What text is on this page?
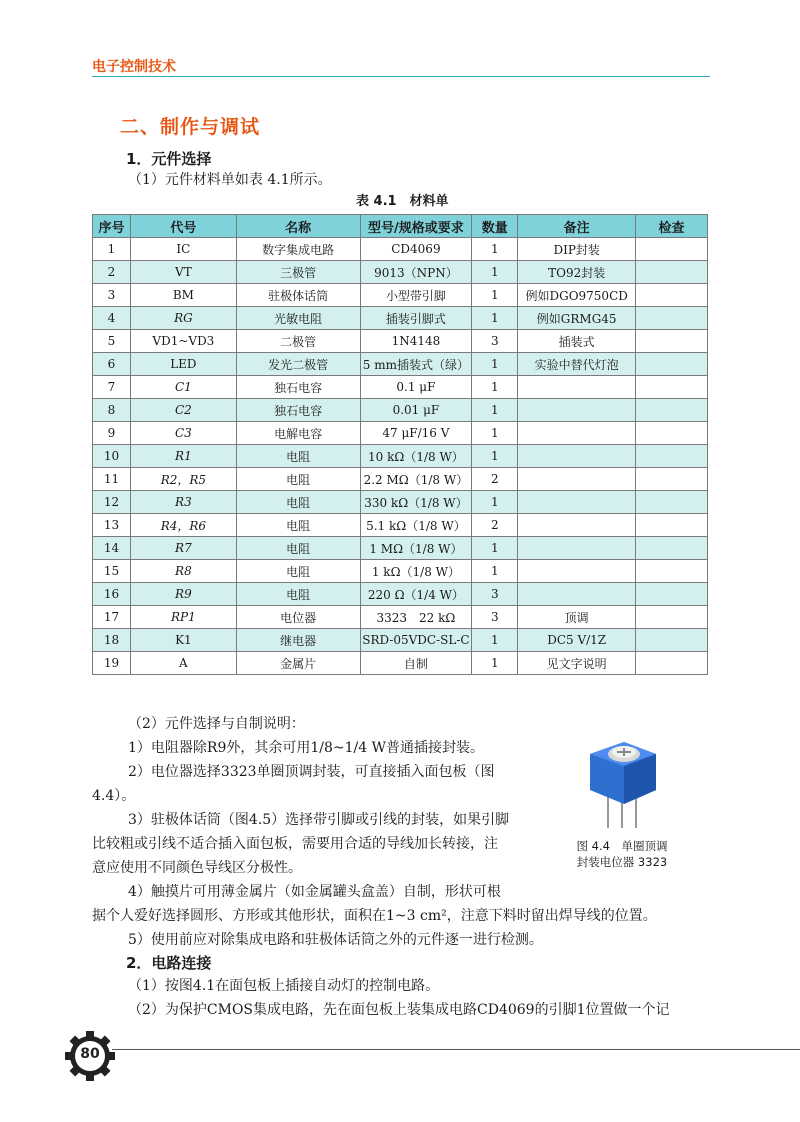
电子控制技术
二、制作与调试
1．元件选择
（1）元件材料单如表 4.1所示。
表 4.1　材料单
序号	代号	名称	型号/规格或要求	数量	备注	检查
1	IC	数字集成电路	CD4069	1	DIP封装	
2	VT	三极管	9013（NPN）	1	TO92封装	
3	BM	驻极体话筒	小型带引脚	1	例如DGO9750CD	
4	RG	光敏电阻	插装引脚式	1	例如GRMG45	
5	VD1~VD3	二极管	1N4148	3	插装式	
6	LED	发光二极管	5 mm插装式（绿）	1	实验中替代灯泡	
7	C1	独石电容	0.1 μF	1		
8	C2	独石电容	0.01 μF	1		
9	C3	电解电容	47 μF/16 V	1		
10	R1	电阻	10 kΩ（1/8 W）	1		
11	R2，R5	电阻	2.2 MΩ（1/8 W）	2		
12	R3	电阻	330 kΩ（1/8 W）	1		
13	R4，R6	电阻	5.1 kΩ（1/8 W）	2		
14	R7	电阻	1 MΩ（1/8 W）	1		
15	R8	电阻	1 kΩ（1/8 W）	1		
16	R9	电阻	220 Ω（1/4 W）	3		
17	RP1	电位器	3323　22 kΩ	3	顶调	
18	K1	继电器	SRD-05VDC-SL-C	1	DC5 V/1Z	
19	A	金属片	自制	1	见文字说明	
（2）元件选择与自制说明：
1）电阻器除R9外，其余可用1/8~1/4 W普通插接封装。
2）电位器选择3323单圈顶调封装，可直接插入面包板（图
4.4）。
3）驻极体话筒（图4.5）选择带引脚或引线的封装，如果引脚
比较粗或引线不适合插入面包板，需要用合适的导线加长转接，注
意应使用不同颜色导线区分极性。
4）触摸片可用薄金属片（如金属罐头盒盖）自制，形状可根
据个人爱好选择圆形、方形或其他形状，面积在1~3 cm²，注意下料时留出焊导线的位置。
5）使用前应对除集成电路和驻极体话筒之外的元件逐一进行检测。
2．电路连接
（1）按图4.1在面包板上插接自动灯的控制电路。
（2）为保护CMOS集成电路，先在面包板上装集成电路CD4069的引脚1位置做一个记
图 4.4　单圈顶调
封装电位器 3323
80
